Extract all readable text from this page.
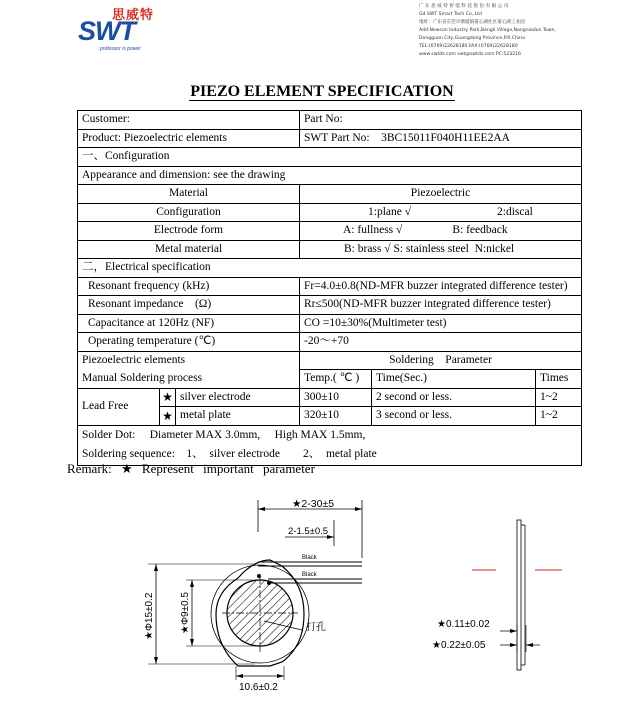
思威特
SWT
professor is power
广 东 思 威 特 智 能 科 技 股 份 有 限 公 司
Gd SWT Smart Tech Co.,Ltd
地址：广东省东莞市塘厦镇莆心湖社区莆心湖工业园
Add:Newcon Industry Park,Bengli Village,Nangniadun Town,
Dongguan City,Guangdong Province,P.R.China
TEL:(0769)22628180 FAX:(0769)22628180
www.swtdz.com swt@swtdz.com PC:523216
PIEZO ELEMENT SPECIFICATION
Customer:			Part No:		
Product: Piezoelectric elements			SWT Part No: 3BC15011F040H11EE2AA		
一、Configuration					
Appearance and dimension: see the drawing					
Material			Piezoelectric		
Configuration			1:plane √ 2:discal		
Electrode form			A: fullness √ B: feedback		
Metal material			B: brass √ S: stainless steel N:nickel		
二，Electrical specification					
Resonant frequency (kHz)			Fr=4.0±0.8(ND-MFR buzzer integrated difference tester)		
Resonant impedance　(Ω)			Rr≤500(ND-MFR buzzer integrated difference tester)		
Capacitance at 120Hz (NF)			CO =10±30%(Multimeter test)		
Operating temperature (℃)			-20～+70		
Piezoelectric elements			Soldering　Parameter		
Manual Soldering process			Temp.( ℃ )	Time(Sec.)	Times
Lead Free	★	silver electrode	300±10	2 second or less.	1~2
	★	metal plate	320±10	3 second or less.	1~2
Solder Dot:　 Diameter MAX 3.0mm,　 High MAX 1.5mm,					
Soldering sequence:　1、　silver electrode　　2、　metal plate					
Remark: ★ Represent important parameter
★2-30±5
2-1.5±0.5
Black
Black
打孔
★Φ15±0.2	★Φ9±0.5
10.6±0.2
★0.11±0.02
★0.22±0.05
